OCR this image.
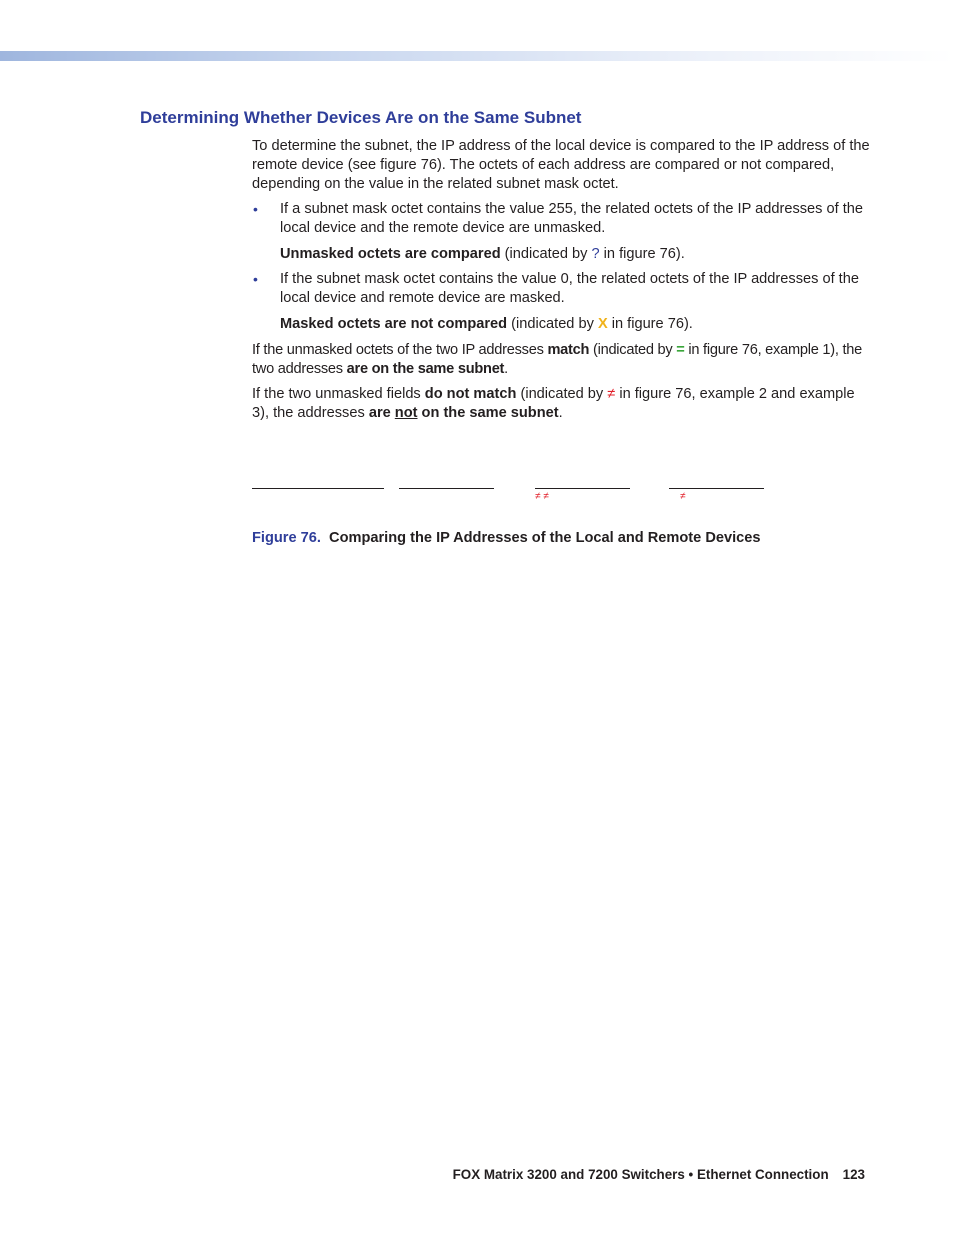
Determining Whether Devices Are on the Same Subnet

To determine the subnet, the IP address of the local device is compared to the IP address of the remote device (see figure 76). The octets of each address are compared or not compared, depending on the value in the related subnet mask octet.

• If a subnet mask octet contains the value 255, the related octets of the IP addresses of the local device and the remote device are unmasked.

Unmasked octets are compared (indicated by ? in figure 76).

• If the subnet mask octet contains the value 0, the related octets of the IP addresses of the local device and remote device are masked.

Masked octets are not compared (indicated by X in figure 76).

If the unmasked octets of the two IP addresses match (indicated by = in figure 76, example 1), the two addresses are on the same subnet.

If the two unmasked fields do not match (indicated by ≠ in figure 76, example 2 and example 3), the addresses are not on the same subnet.

≠ ≠	≠

Figure 76. Comparing the IP Addresses of the Local and Remote Devices

FOX Matrix 3200 and 7200 Switchers • Ethernet Connection 123
